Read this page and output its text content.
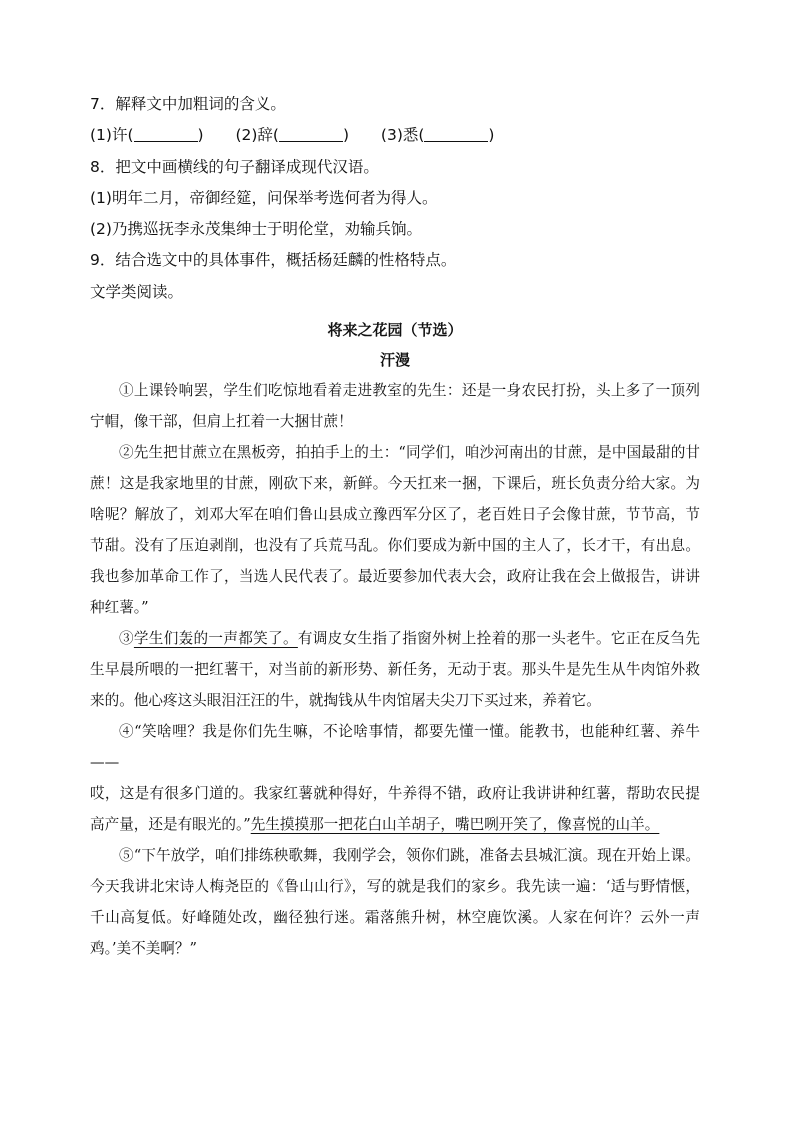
7．解释文中加粗词的含义。
(1)许(	) (2)辞(	) (3)悉(	)
8．把文中画横线的句子翻译成现代汉语。
(1)明年二月，帝御经筵，问保举考选何者为得人。
(2)乃携巡抚李永茂集绅士于明伦堂，劝输兵饷。
9．结合选文中的具体事件，概括杨廷麟的性格特点。
文学类阅读。
将来之花园（节选）
汗漫

①上课铃响罢，学生们吃惊地看着走进教室的先生：还是一身农民打扮，头上多了一顶列宁帽，像干部，但肩上扛着一大捆甘蔗！

②先生把甘蔗立在黑板旁，拍拍手上的土：“同学们，咱沙河南出的甘蔗，是中国最甜的甘蔗！这是我家地里的甘蔗，刚砍下来，新鲜。今天扛来一捆，下课后，班长负责分给大家。为啥呢？解放了，刘邓大军在咱们鲁山县成立豫西军分区了，老百姓日子会像甘蔗，节节高，节节甜。没有了压迫剥削，也没有了兵荒马乱。你们要成为新中国的主人了，长才干，有出息。我也参加革命工作了，当选人民代表了。最近要参加代表大会，政府让我在会上做报告，讲讲种红薯。”

③学生们轰的一声都笑了。有调皮女生指了指窗外树上拴着的那一头老牛。它正在反刍先生早晨所喂的一把红薯干，对当前的新形势、新任务，无动于衷。那头牛是先生从牛肉馆外救来的。他心疼这头眼泪汪汪的牛，就掏钱从牛肉馆屠夫尖刀下买过来，养着它。

④“笑啥哩？我是你们先生嘛，不论啥事情，都要先懂一懂。能教书，也能种红薯、养牛——

哎，这是有很多门道的。我家红薯就种得好，牛养得不错，政府让我讲讲种红薯，帮助农民提高产量，还是有眼光的。”先生摸摸那一把花白山羊胡子，嘴巴咧开笑了，像喜悦的山羊。

⑤“下午放学，咱们排练秧歌舞，我刚学会，领你们跳，准备去县城汇演。现在开始上课。今天我讲北宋诗人梅尧臣的《鲁山山行》，写的就是我们的家乡。我先读一遍：‘适与野情惬，千山高复低。好峰随处改，幽径独行迷。霜落熊升树，林空鹿饮溪。人家在何许？云外一声鸡。’美不美啊？”
